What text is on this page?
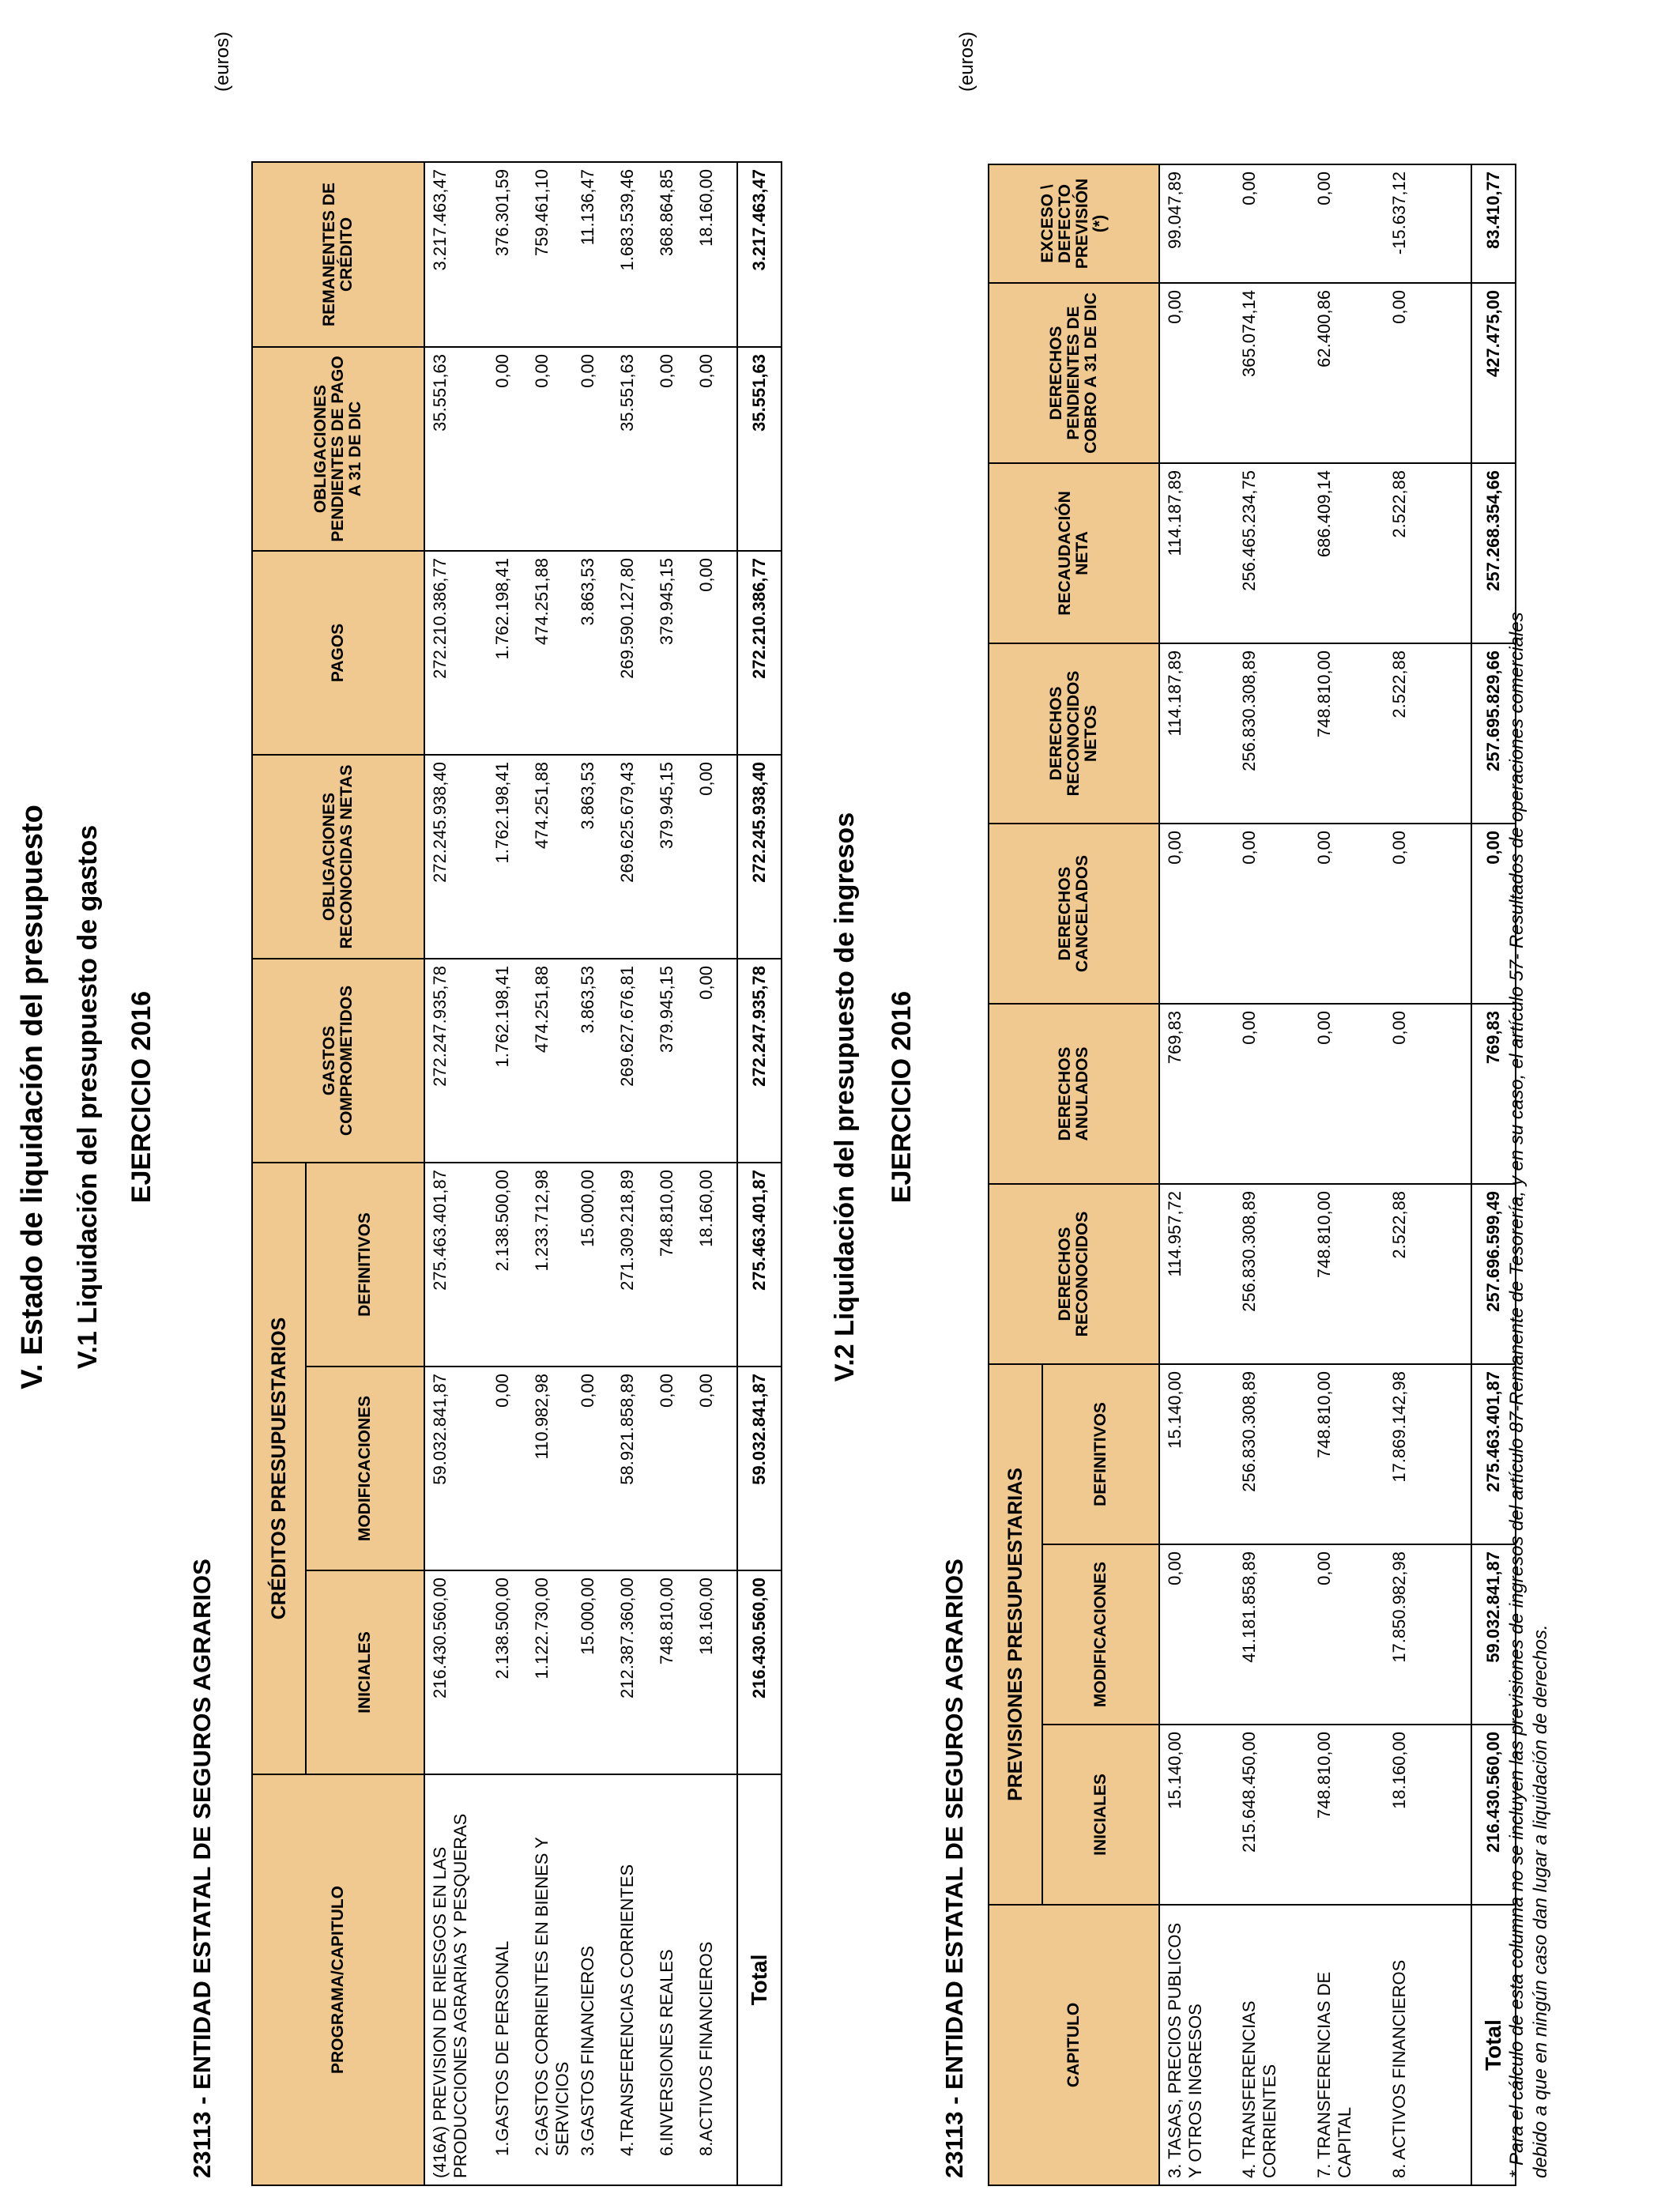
V. Estado de liquidación del presupuesto V.1 Liquidación del presupuesto de gastos EJERCICIO 2016
23113 - ENTIDAD ESTATAL DE SEGUROS AGRARIOS
(euros)
PROGRAMA/CAPITULO	CRÉDITOS PRESUPUESTARIOS			GASTOS COMPROMETIDOS	OBLIGACIONES RECONOCIDAS NETAS	PAGOS	OBLIGACIONES PENDIENTES DE PAGO A 31 DE DIC	REMANENTES DE CRÉDITO
	INICIALES	MODIFICACIONES	DEFINITIVOS					
(416A) PREVISION DE RIESGOS EN LAS PRODUCCIONES AGRARIAS Y PESQUERAS	216.430.560,00	59.032.841,87	275.463.401,87	272.247.935,78	272.245.938,40	272.210.386,77	35.551,63	3.217.463,47
1.GASTOS DE PERSONAL	2.138.500,00	0,00	2.138.500,00	1.762.198,41	1.762.198,41	1.762.198,41	0,00	376.301,59
2.GASTOS CORRIENTES EN BIENES Y SERVICIOS	1.122.730,00	110.982,98	1.233.712,98	474.251,88	474.251,88	474.251,88	0,00	759.461,10
3.GASTOS FINANCIEROS	15.000,00	0,00	15.000,00	3.863,53	3.863,53	3.863,53	0,00	11.136,47
4.TRANSFERENCIAS CORRIENTES	212.387.360,00	58.921.858,89	271.309.218,89	269.627.676,81	269.625.679,43	269.590.127,80	35.551,63	1.683.539,46
6.INVERSIONES REALES	748.810,00	0,00	748.810,00	379.945,15	379.945,15	379.945,15	0,00	368.864,85
8.ACTIVOS FINANCIEROS	18.160,00	0,00	18.160,00	0,00	0,00	0,00	0,00	18.160,00
Total	216.430.560,00	59.032.841,87	275.463.401,87	272.247.935,78	272.245.938,40	272.210.386,77	35.551,63	3.217.463,47
V.2 Liquidación del presupuesto de ingresos EJERCICIO 2016
23113 - ENTIDAD ESTATAL DE SEGUROS AGRARIOS
(euros)
CAPITULO	PREVISIONES PRESUPUESTARIAS			DERECHOS RECONOCIDOS	DERECHOS ANULADOS	DERECHOS CANCELADOS	DERECHOS RECONOCIDOS NETOS	RECAUDACIÓN NETA	DERECHOS PENDIENTES DE COBRO A 31 DE DIC	EXCESO \ DEFECTO PREVISIÓN (*)
	INICIALES	MODIFICACIONES	DEFINITIVOS							
3. TASAS, PRECIOS PUBLICOS Y OTROS INGRESOS	15.140,00	0,00	15.140,00	114.957,72	769,83	0,00	114.187,89	114.187,89	0,00	99.047,89
4. TRANSFERENCIAS CORRIENTES	215.648.450,00	41.181.858,89	256.830.308,89	256.830.308,89	0,00	0,00	256.830.308,89	256.465.234,75	365.074,14	0,00
7. TRANSFERENCIAS DE CAPITAL	748.810,00	0,00	748.810,00	748.810,00	0,00	0,00	748.810,00	686.409,14	62.400,86	0,00
8. ACTIVOS FINANCIEROS	18.160,00	17.850.982,98	17.869.142,98	2.522,88	0,00	0,00	2.522,88	2.522,88	0,00	-15.637,12
Total	216.430.560,00	59.032.841,87	275.463.401,87	257.696.599,49	769,83	0,00	257.695.829,66	257.268.354,66	427.475,00	83.410,77
* Para el cálculo de esta columna no se incluyen las previsiones de ingresos del artículo 87-Remanente de Tesorería, y en su caso, el artículo 57- Resultados de operaciones comerciales debido a que en ningún caso dan lugar a liquidación de derechos.
